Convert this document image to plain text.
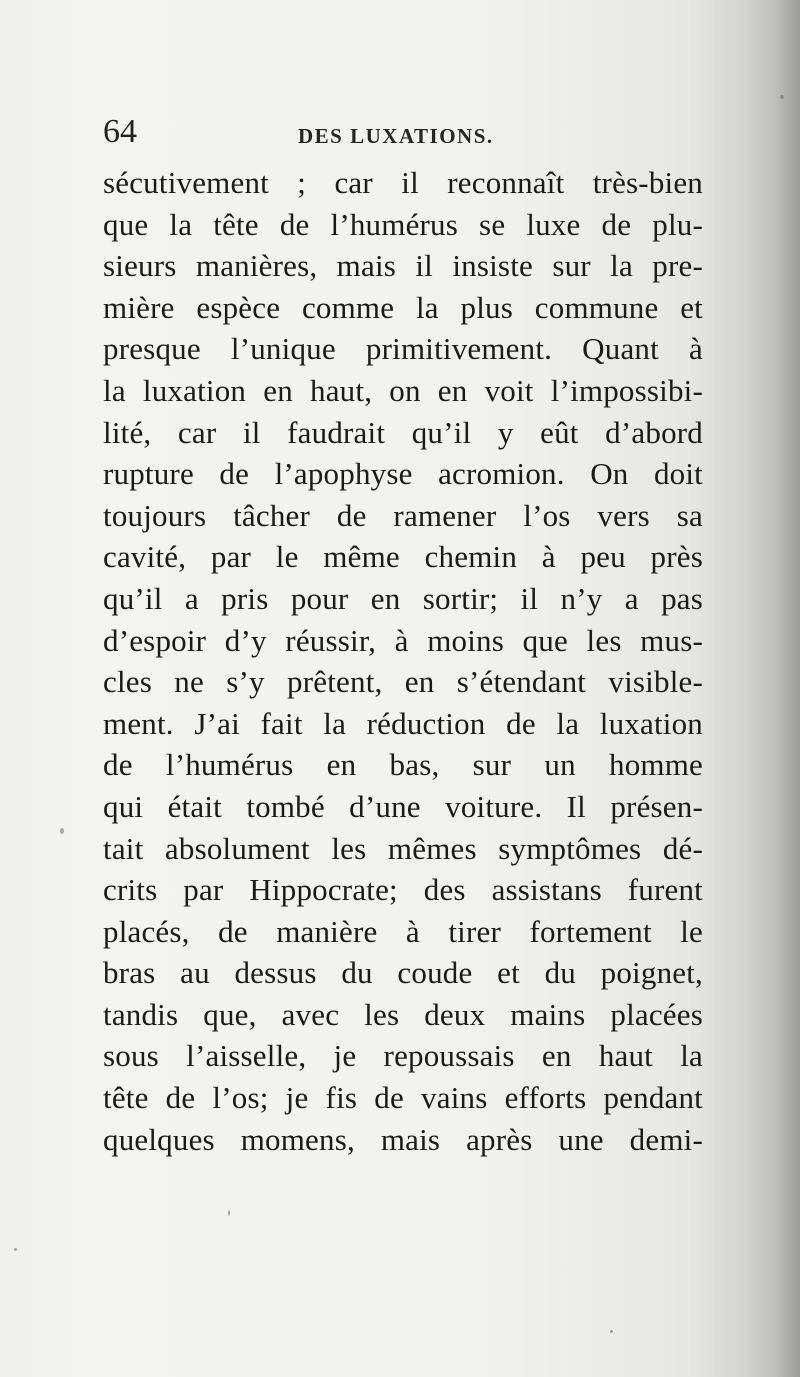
64	DES LUXATIONS.
sécutivement ; car il reconnaît très-bien
que la tête de l’humérus se luxe de plu-
sieurs manières, mais il insiste sur la pre-
mière espèce comme la plus commune et
presque l’unique primitivement. Quant à
la luxation en haut, on en voit l’impossibi-
lité, car il faudrait qu’il y eût d’abord
rupture de l’apophyse acromion. On doit
toujours tâcher de ramener l’os vers sa
cavité, par le même chemin à peu près
qu’il a pris pour en sortir; il n’y a pas
d’espoir d’y réussir, à moins que les mus-
cles ne s’y prêtent, en s’étendant visible-
ment. J’ai fait la réduction de la luxation
de l’humérus en bas, sur un homme
qui était tombé d’une voiture. Il présen-
tait absolument les mêmes symptômes dé-
crits par Hippocrate; des assistans furent
placés, de manière à tirer fortement le
bras au dessus du coude et du poignet,
tandis que, avec les deux mains placées
sous l’aisselle, je repoussais en haut la
tête de l’os; je fis de vains efforts pendant
quelques momens, mais après une demi-
